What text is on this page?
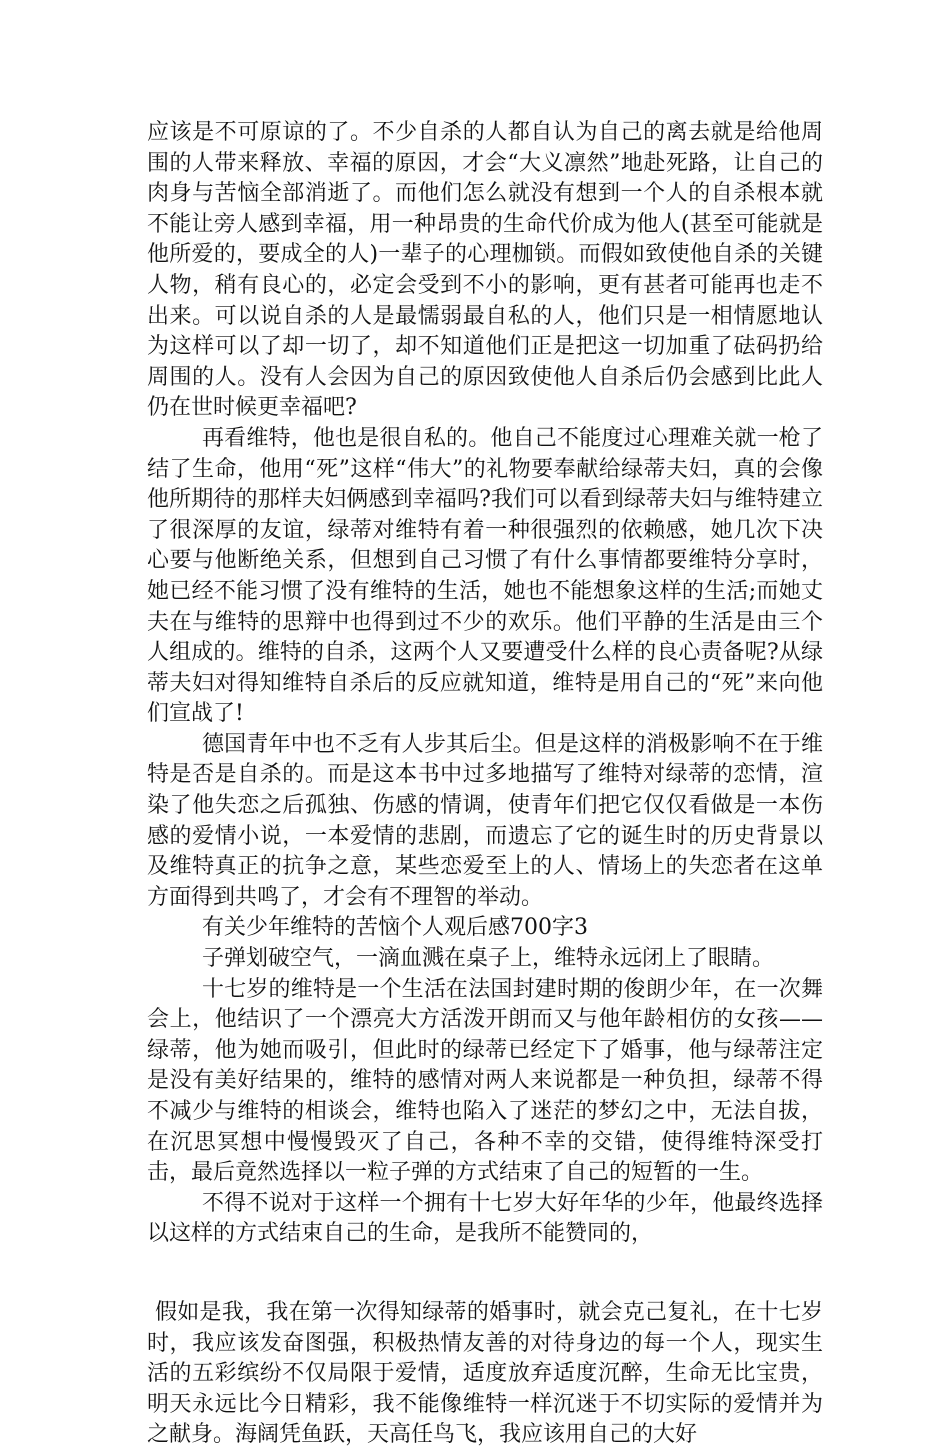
应该是不可原谅的了。不少自杀的人都自认为自己的离去就是给他周围的人带来释放、幸福的原因，才会“大义凛然”地赴死路，让自己的肉身与苦恼全部消逝了。而他们怎么就没有想到一个人的自杀根本就不能让旁人感到幸福，用一种昂贵的生命代价成为他人(甚至可能就是他所爱的，要成全的人)一辈子的心理枷锁。而假如致使他自杀的关键人物，稍有良心的，必定会受到不小的影响，更有甚者可能再也走不出来。可以说自杀的人是最懦弱最自私的人，他们只是一相情愿地认为这样可以了却一切了，却不知道他们正是把这一切加重了砝码扔给周围的人。没有人会因为自己的原因致使他人自杀后仍会感到比此人仍在世时候更幸福吧?

再看维特，他也是很自私的。他自己不能度过心理难关就一枪了结了生命，他用“死”这样“伟大”的礼物要奉献给绿蒂夫妇，真的会像他所期待的那样夫妇俩感到幸福吗?我们可以看到绿蒂夫妇与维特建立了很深厚的友谊，绿蒂对维特有着一种很强烈的依赖感，她几次下决心要与他断绝关系，但想到自己习惯了有什么事情都要维特分享时，她已经不能习惯了没有维特的生活，她也不能想象这样的生活;而她丈夫在与维特的思辩中也得到过不少的欢乐。他们平静的生活是由三个人组成的。维特的自杀，这两个人又要遭受什么样的良心责备呢?从绿蒂夫妇对得知维特自杀后的反应就知道，维特是用自己的“死”来向他们宣战了!

德国青年中也不乏有人步其后尘。但是这样的消极影响不在于维特是否是自杀的。而是这本书中过多地描写了维特对绿蒂的恋情，渲染了他失恋之后孤独、伤感的情调，使青年们把它仅仅看做是一本伤感的爱情小说，一本爱情的悲剧，而遗忘了它的诞生时的历史背景以及维特真正的抗争之意，某些恋爱至上的人、情场上的失恋者在这单方面得到共鸣了，才会有不理智的举动。

有关少年维特的苦恼个人观后感700字3

子弹划破空气，一滴血溅在桌子上，维特永远闭上了眼睛。

十七岁的维特是一个生活在法国封建时期的俊朗少年，在一次舞会上，他结识了一个漂亮大方活泼开朗而又与他年龄相仿的女孩——绿蒂，他为她而吸引，但此时的绿蒂已经定下了婚事，他与绿蒂注定是没有美好结果的，维特的感情对两人来说都是一种负担，绿蒂不得不减少与维特的相谈会，维特也陷入了迷茫的梦幻之中，无法自拔，在沉思冥想中慢慢毁灭了自己，各种不幸的交错，使得维特深受打击，最后竟然选择以一粒子弹的方式结束了自己的短暂的一生。

不得不说对于这样一个拥有十七岁大好年华的少年，他最终选择以这样的方式结束自己的生命，是我所不能赞同的，

假如是我，我在第一次得知绿蒂的婚事时，就会克己复礼，在十七岁时，我应该发奋图强，积极热情友善的对待身边的每一个人，现实生活的五彩缤纷不仅局限于爱情，适度放弃适度沉醉，生命无比宝贵，明天永远比今日精彩，我不能像维特一样沉迷于不切实际的爱情并为之献身。海阔凭鱼跃，天高任鸟飞，我应该用自己的大好
